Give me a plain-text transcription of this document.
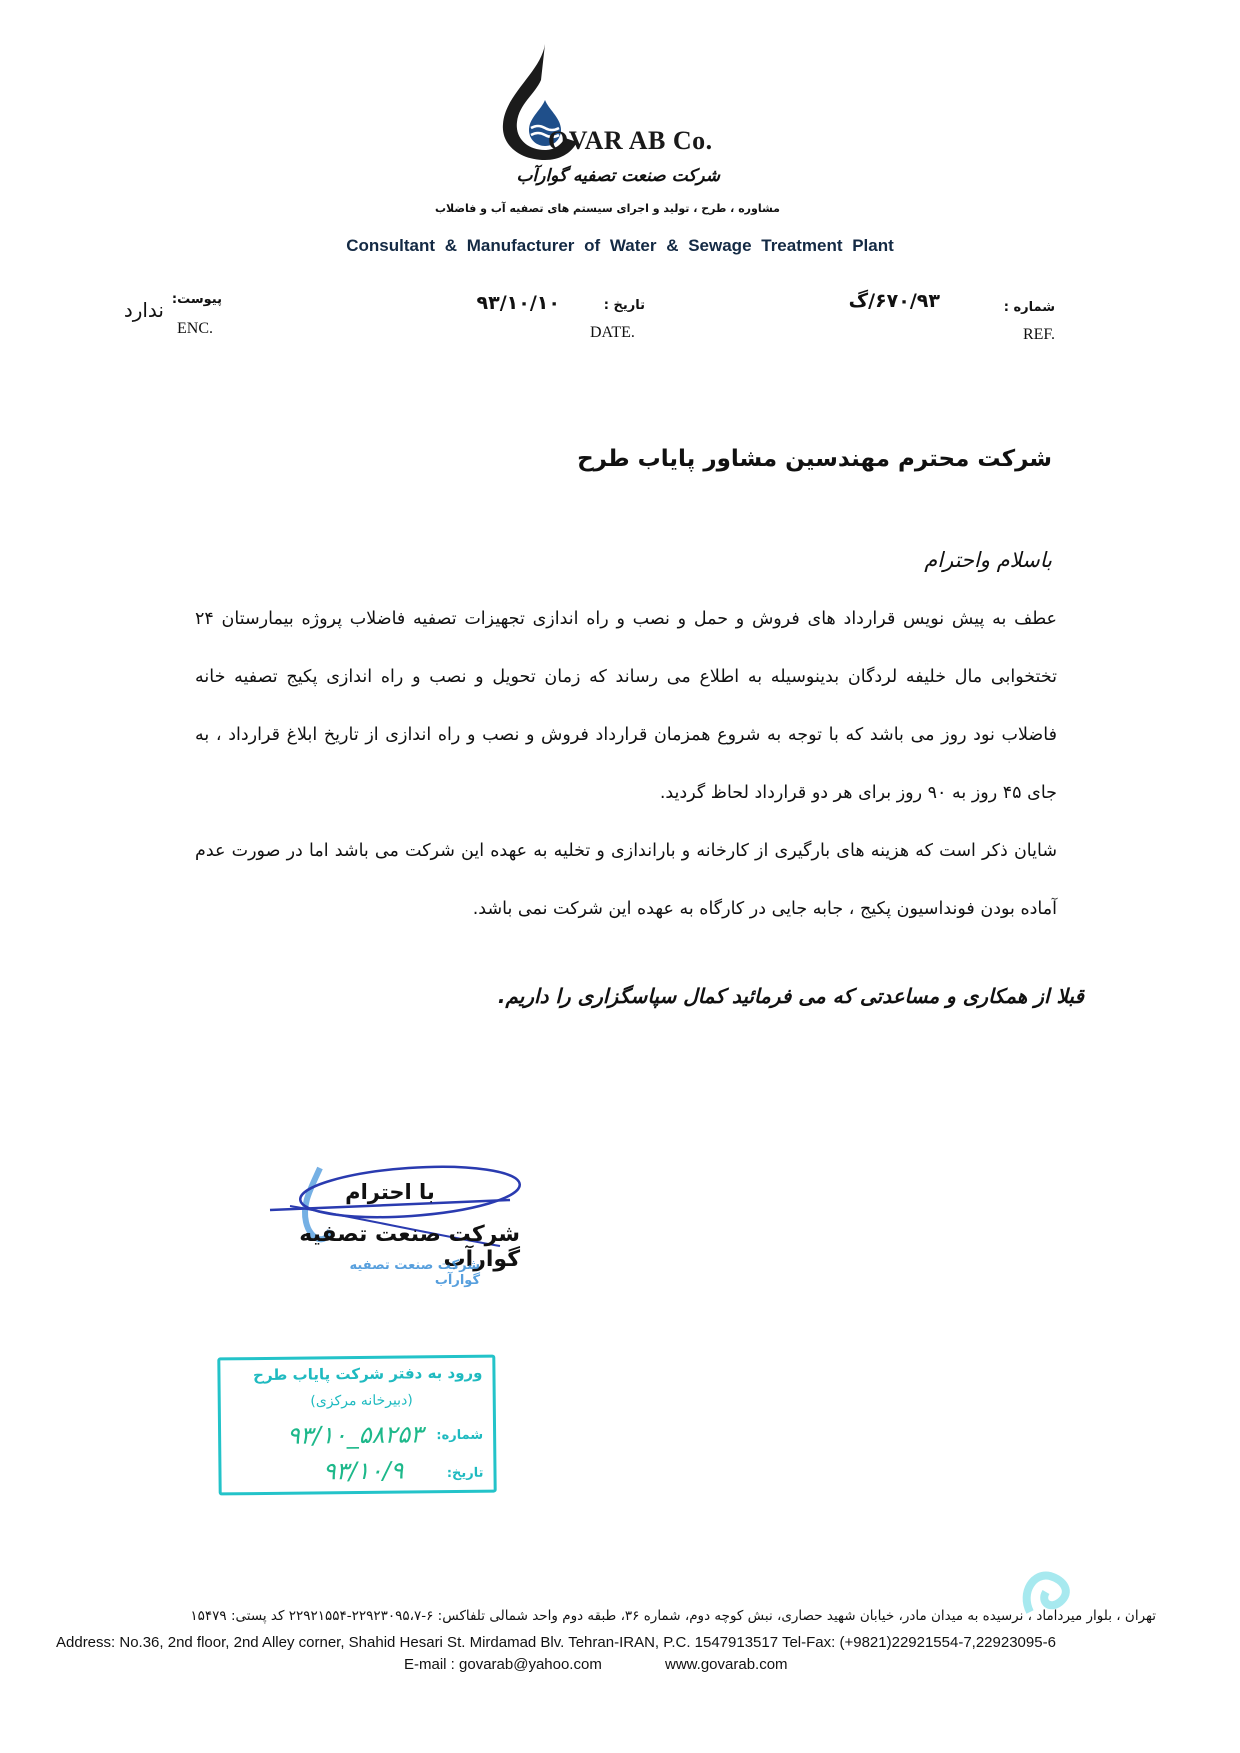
OVAR AB Co.
شرکت صنعت تصفیه گوارآب
مشاوره ، طرح ، تولید و اجرای سیستم های تصفیه آب و فاضلاب
Consultant & Manufacturer of Water & Sewage Treatment Plant
شماره :
REF.
۶۷۰/۹۳/گ
تاریخ :
DATE.
۹۳/۱۰/۱۰
پیوست:
ENC.
ندارد
شرکت محترم مهندسین مشاور پایاب طرح
باسلام واحترام

عطف به پیش نویس قرارداد های فروش و حمل و نصب و راه اندازی تجهیزات تصفیه فاضلاب پروژه بیمارستان ۲۴ تختخوابی مال خلیفه لردگان بدینوسیله به اطلاع می رساند که زمان تحویل و نصب و راه اندازی پکیج تصفیه خانه فاضلاب نود روز می باشد که با توجه به شروع همزمان قرارداد فروش و نصب و راه اندازی از تاریخ ابلاغ قرارداد ، به جای ۴۵ روز به ۹۰ روز برای هر دو قرارداد لحاظ گردید.

شایان ذکر است که هزینه های بارگیری از کارخانه و باراندازی و تخلیه به عهده این شرکت می باشد اما در صورت عدم آماده بودن فونداسیون پکیج ، جابه جایی در کارگاه به عهده این شرکت نمی باشد.

قبلا از همکاری و مساعدتی که می فرمائید کمال سپاسگزاری را داریم.
با احترام
شرکت صنعت تصفیه گوارآب
شرکت صنعت تصفیه گوارآب
ورود به دفتر شرکت پایاب طرح
(دبیرخانه مرکزی)
شماره:
۵۸۲۵۳_۹۳/۱۰
تاریخ:
۹۳/۱۰/۹
تهران ، بلوار میرداماد ، نرسیده به میدان مادر، خیابان شهید حصاری، نبش کوچه دوم، شماره ۳۶، طبقه دوم واحد شمالی تلفاکس: ۶-۲۲۹۲۳۰۹۵،۷-۲۲۹۲۱۵۵۴ کد پستی: ۱۵۴۷۹
Address: No.36, 2nd floor, 2nd Alley corner, Shahid Hesari St. Mirdamad Blv. Tehran-IRAN, P.C. 1547913517 Tel-Fax: (+9821)22921554-7,22923095-6
E-mail : govarab@yahoo.com	www.govarab.com
